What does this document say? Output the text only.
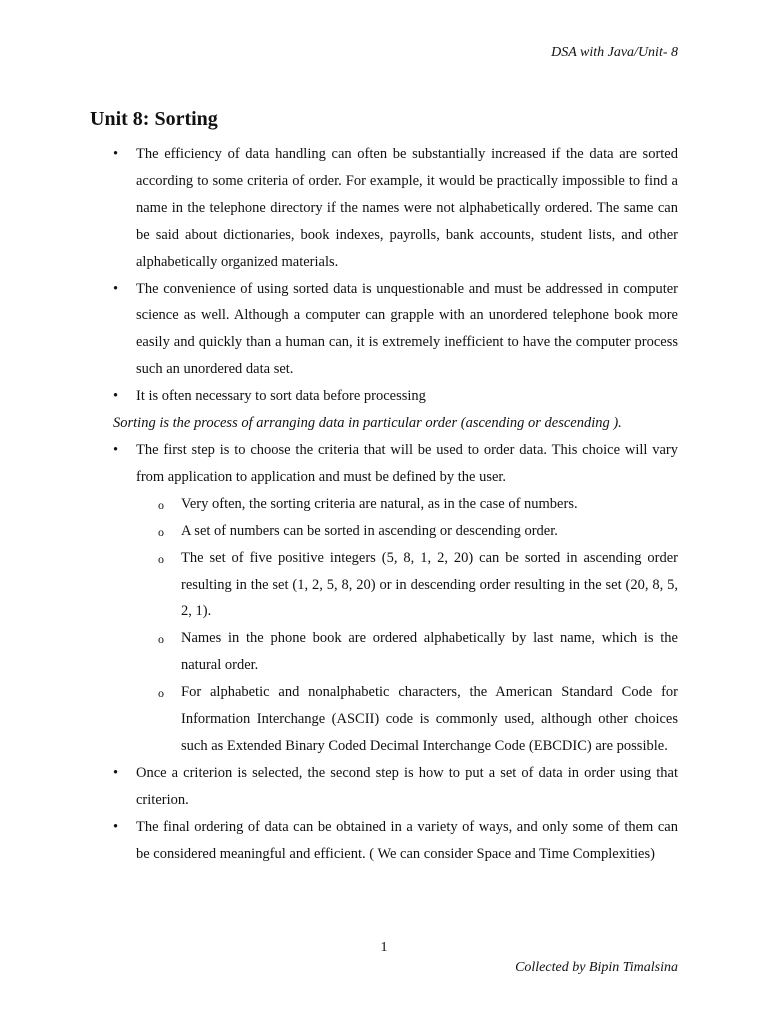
DSA with Java/Unit- 8
Unit 8: Sorting

• The efficiency of data handling can often be substantially increased if the data are sorted according to some criteria of order. For example, it would be practically impossible to find a name in the telephone directory if the names were not alphabetically ordered. The same can be said about dictionaries, book indexes, payrolls, bank accounts, student lists, and other alphabetically organized materials.

• The convenience of using sorted data is unquestionable and must be addressed in computer science as well. Although a computer can grapple with an unordered telephone book more easily and quickly than a human can, it is extremely inefficient to have the computer process such an unordered data set.

• It is often necessary to sort data before processing

Sorting is the process of arranging data in particular order (ascending or descending ).

• The first step is to choose the criteria that will be used to order data. This choice will vary from application to application and must be defined by the user.

o Very often, the sorting criteria are natural, as in the case of numbers.

o A set of numbers can be sorted in ascending or descending order.

o The set of five positive integers (5, 8, 1, 2, 20) can be sorted in ascending order resulting in the set (1, 2, 5, 8, 20) or in descending order resulting in the set (20, 8, 5, 2, 1).

o Names in the phone book are ordered alphabetically by last name, which is the natural order.

o For alphabetic and nonalphabetic characters, the American Standard Code for Information Interchange (ASCII) code is commonly used, although other choices such as Extended Binary Coded Decimal Interchange Code (EBCDIC) are possible.

• Once a criterion is selected, the second step is how to put a set of data in order using that criterion.

• The final ordering of data can be obtained in a variety of ways, and only some of them can be considered meaningful and efficient. ( We can consider Space and Time Complexities)

1
Collected by Bipin Timalsina
